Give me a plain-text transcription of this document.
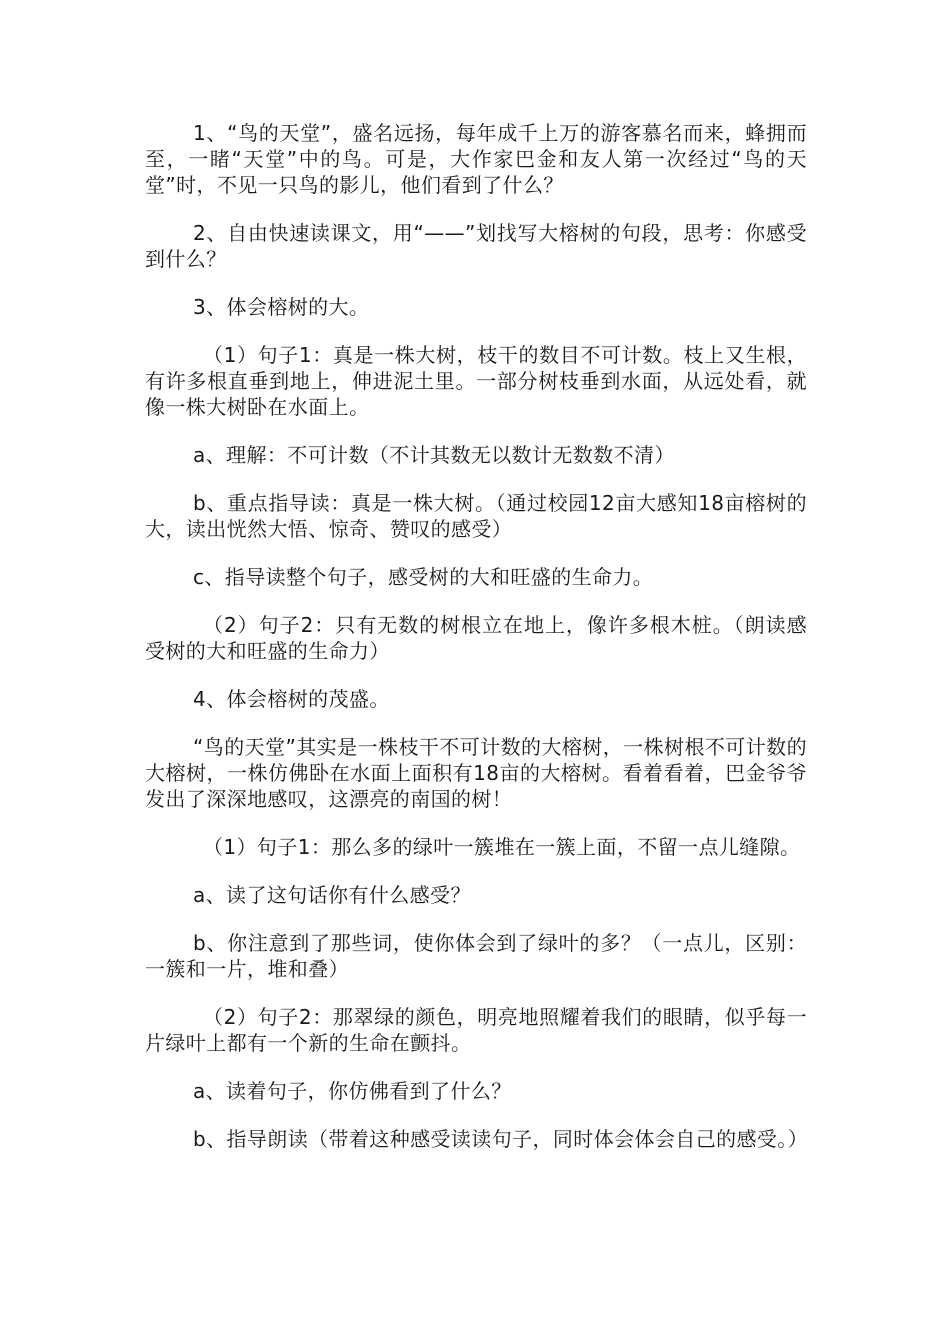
1、“鸟的天堂”，盛名远扬，每年成千上万的游客慕名而来，蜂拥而至，一睹“天堂”中的鸟。可是，大作家巴金和友人第一次经过“鸟的天堂”时，不见一只鸟的影儿，他们看到了什么？

2、自由快速读课文，用“——”划找写大榕树的句段，思考：你感受到什么？

3、体会榕树的大。

（1）句子1：真是一株大树，枝干的数目不可计数。枝上又生根，有许多根直垂到地上，伸进泥土里。一部分树枝垂到水面，从远处看，就像一株大树卧在水面上。

a、理解：不可计数（不计其数无以数计无数数不清）

b、重点指导读：真是一株大树。（通过校园12亩大感知18亩榕树的大，读出恍然大悟、惊奇、赞叹的感受）

c、指导读整个句子，感受树的大和旺盛的生命力。

（2）句子2：只有无数的树根立在地上，像许多根木桩。（朗读感受树的大和旺盛的生命力）

4、体会榕树的茂盛。

“鸟的天堂”其实是一株枝干不可计数的大榕树，一株树根不可计数的大榕树，一株仿佛卧在水面上面积有18亩的大榕树。看着看着，巴金爷爷发出了深深地感叹，这漂亮的南国的树！

（1）句子1：那么多的绿叶一簇堆在一簇上面，不留一点儿缝隙。

a、读了这句话你有什么感受？

b、你注意到了那些词，使你体会到了绿叶的多？（一点儿，区别：一簇和一片，堆和叠）

（2）句子2：那翠绿的颜色，明亮地照耀着我们的眼睛，似乎每一片绿叶上都有一个新的生命在颤抖。

a、读着句子，你仿佛看到了什么？

b、指导朗读（带着这种感受读读句子，同时体会体会自己的感受。）
